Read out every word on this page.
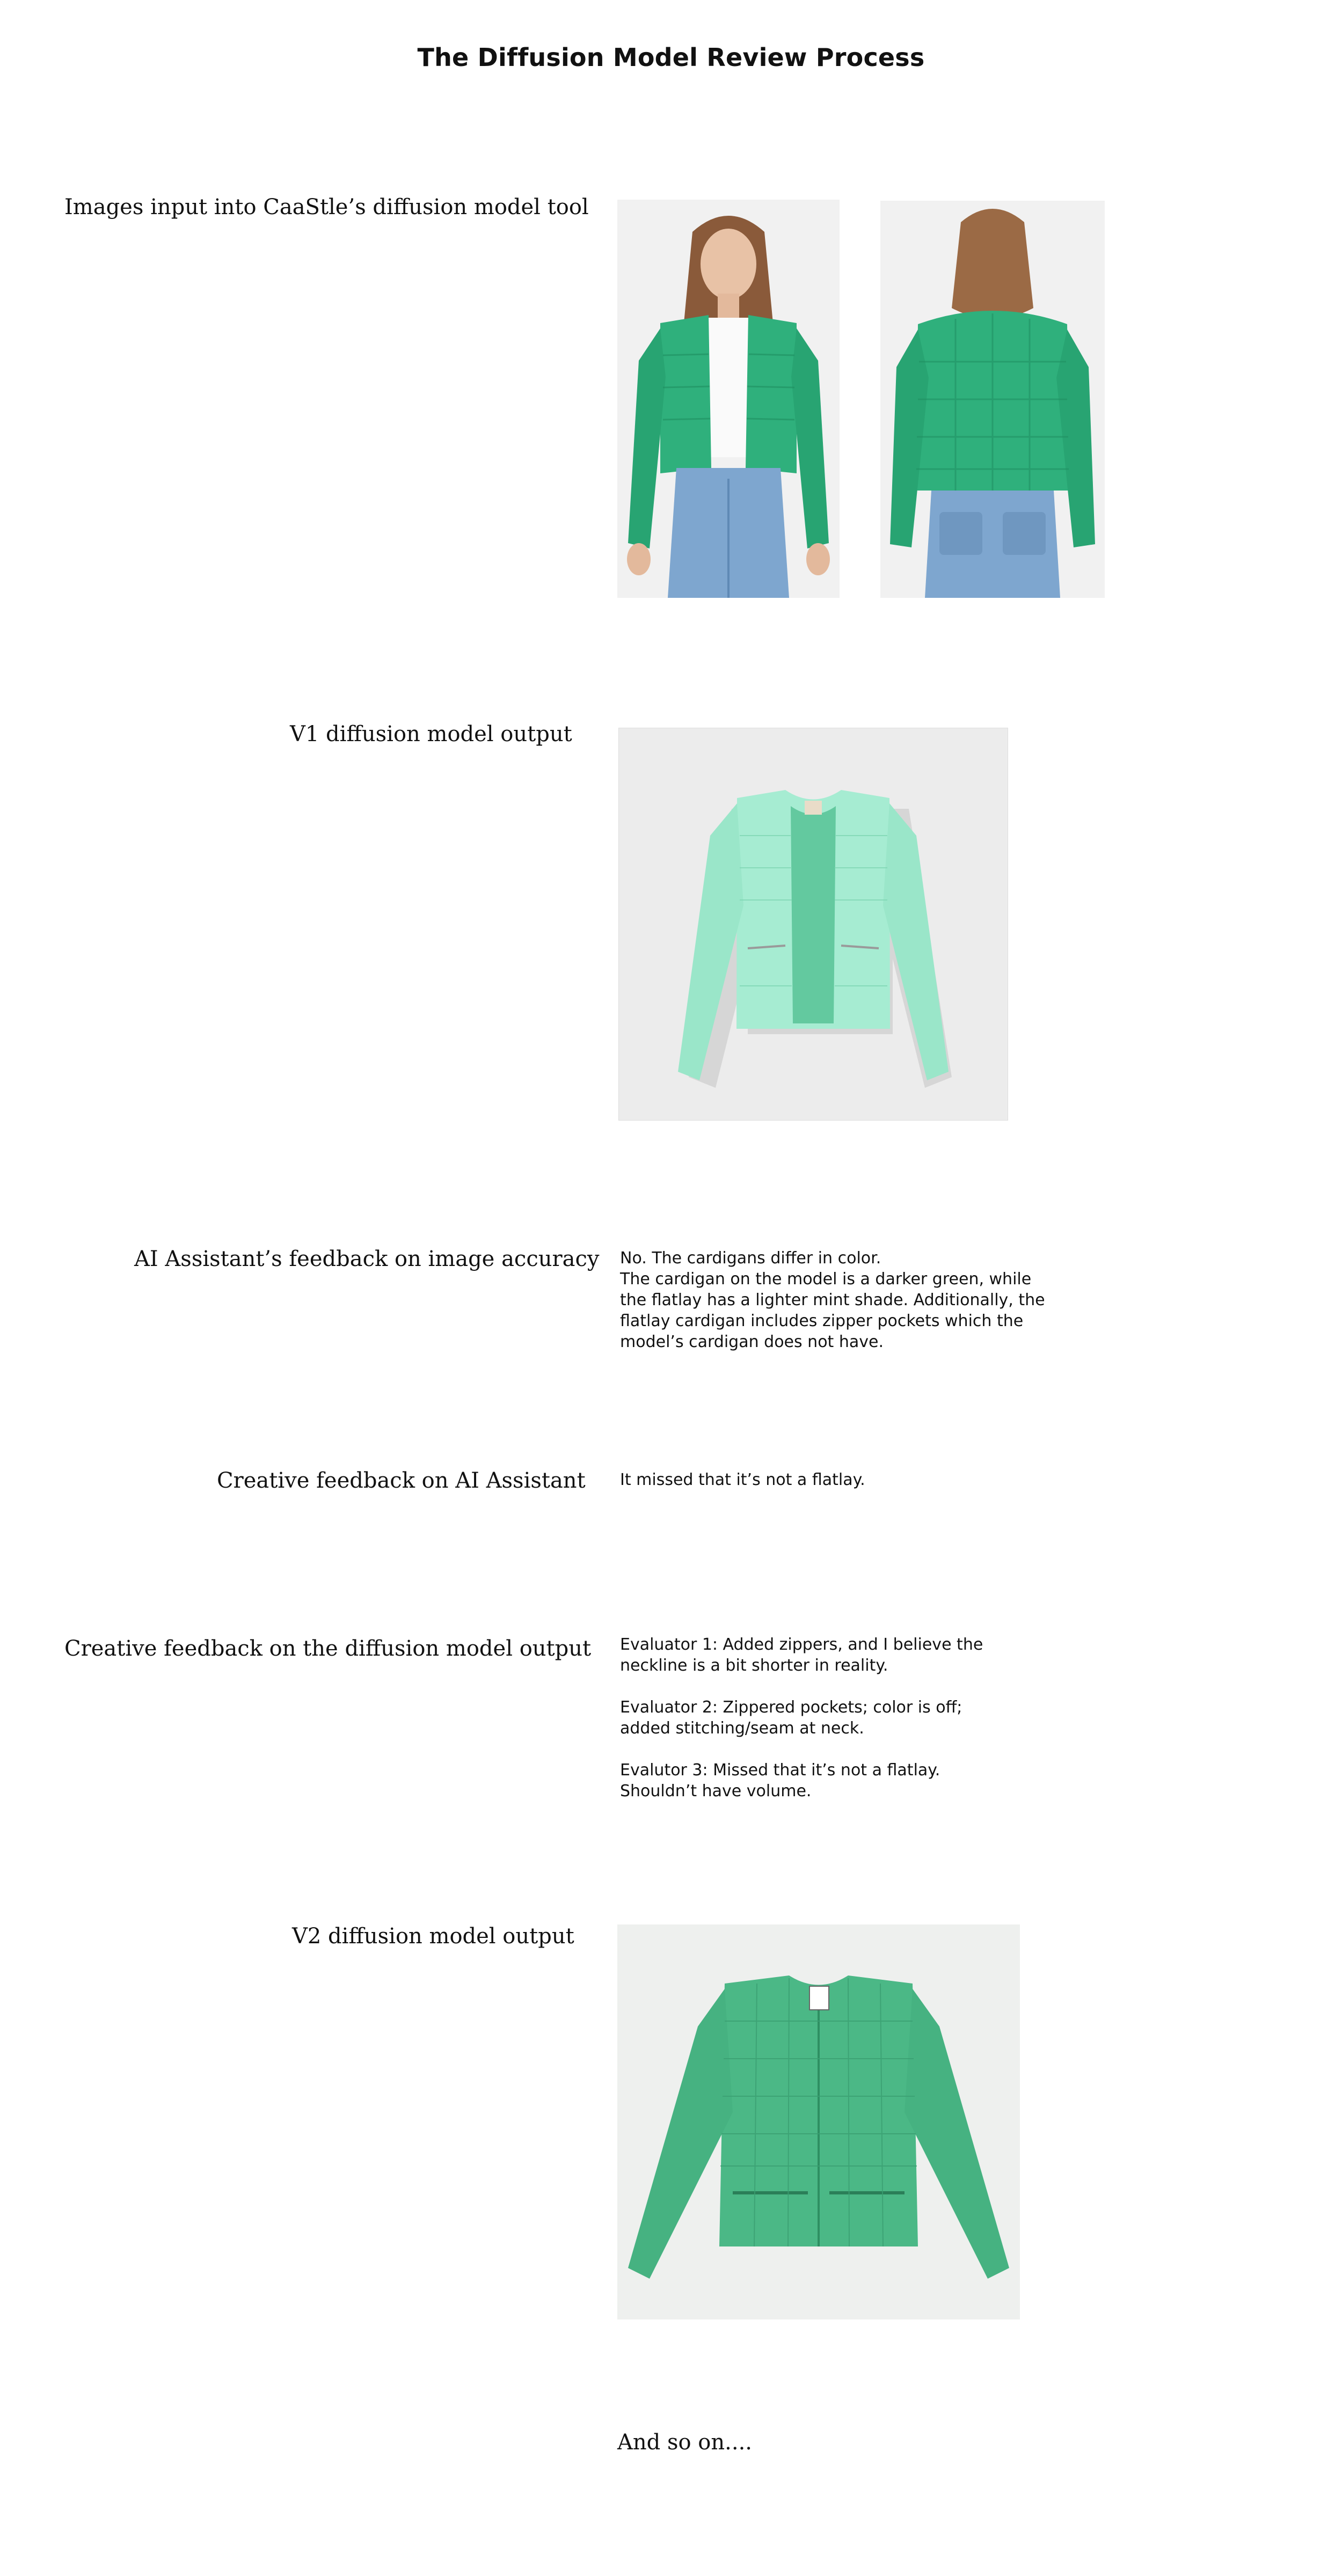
The Diffusion Model Review Process
Images input into CaaStle’s diffusion model tool
V1 diffusion model output
AI Assistant’s feedback on image accuracy No. The cardigans differ in color.

The cardigan on the model is a darker green, while

the flatlay has a lighter mint shade. Additionally, the

flatlay cardigan includes zipper pockets which the

model’s cardigan does not have.

Creative feedback on AI Assistant It missed that it’s not a flatlay.

Creative feedback on the diffusion model output Evaluator 1: Added zippers, and I believe the

neckline is a bit shorter in reality.

Evaluator 2: Zippered pockets; color is off;

added stitching/seam at neck.

Evalutor 3: Missed that it’s not a flatlay.

Shouldn’t have volume.

V2 diffusion model output
And so on....
